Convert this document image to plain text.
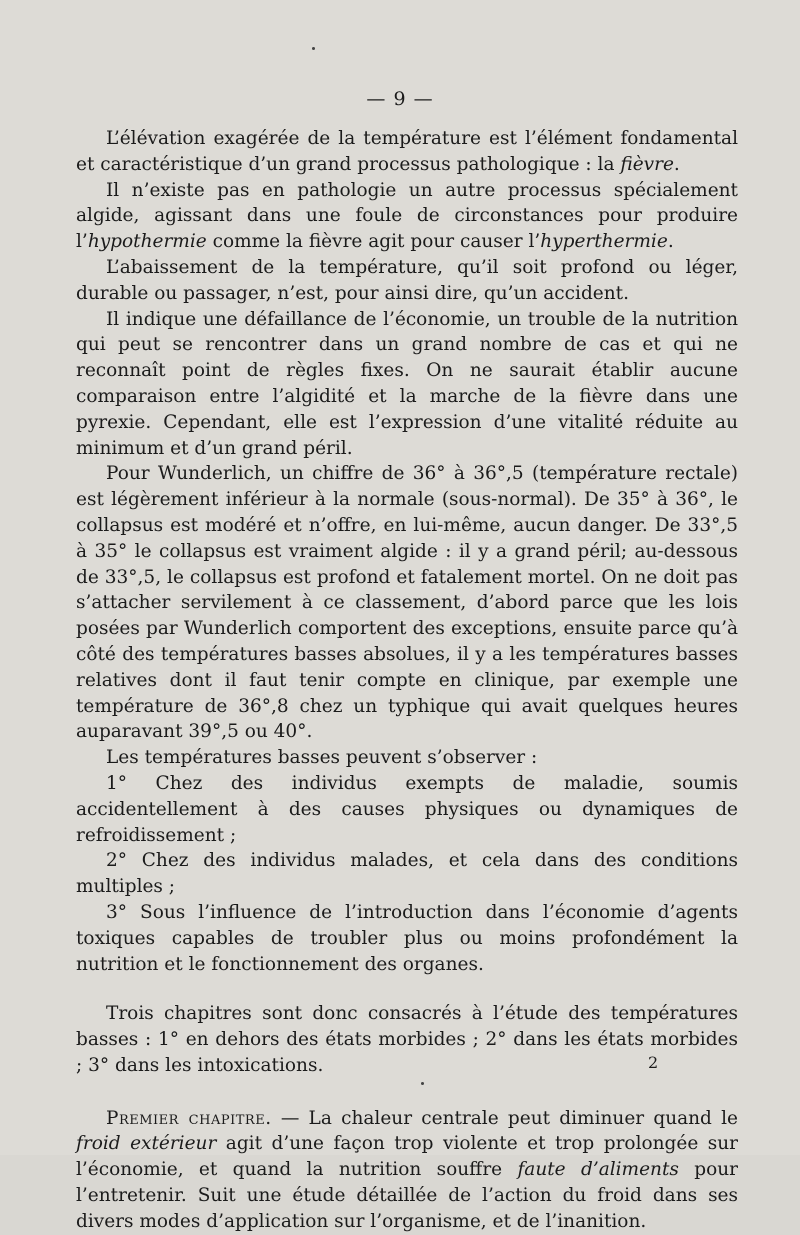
— 9 —

L’élévation exagérée de la température est l’élément fondamental et caractéristique d’un grand processus pathologique : la fièvre.

Il n’existe pas en pathologie un autre processus spécialement algide, agissant dans une foule de circonstances pour produire l’hypothermie comme la fièvre agit pour causer l’hyperthermie.

L’abaissement de la température, qu’il soit profond ou léger, durable ou passager, n’est, pour ainsi dire, qu’un accident.

Il indique une défaillance de l’économie, un trouble de la nutrition qui peut se rencontrer dans un grand nombre de cas et qui ne reconnaît point de règles fixes. On ne saurait établir aucune comparaison entre l’algidité et la marche de la fièvre dans une pyrexie. Cependant, elle est l’expression d’une vitalité réduite au minimum et d’un grand péril.

Pour Wunderlich, un chiffre de 36° à 36°,5 (température rectale) est légèrement inférieur à la normale (sous-normal). De 35° à 36°, le collapsus est modéré et n’offre, en lui-même, aucun danger. De 33°,5 à 35° le collapsus est vraiment algide : il y a grand péril; au-dessous de 33°,5, le collapsus est profond et fatalement mortel. On ne doit pas s’attacher servilement à ce classement, d’abord parce que les lois posées par Wunderlich comportent des exceptions, ensuite parce qu’à côté des températures basses absolues, il y a les températures basses relatives dont il faut tenir compte en clinique, par exemple une température de 36°,8 chez un typhique qui avait quelques heures auparavant 39°,5 ou 40°.

Les températures basses peuvent s’observer :

1° Chez des individus exempts de maladie, soumis accidentellement à des causes physiques ou dynamiques de refroidissement ;

2° Chez des individus malades, et cela dans des conditions multiples ;

3° Sous l’influence de l’introduction dans l’économie d’agents toxiques capables de troubler plus ou moins profondément la nutrition et le fonctionnement des organes.

Trois chapitres sont donc consacrés à l’étude des températures basses : 1° en dehors des états morbides ; 2° dans les états morbides ; 3° dans les intoxications.

Premier chapitre. — La chaleur centrale peut diminuer quand le froid extérieur agit d’une façon trop violente et trop prolongée sur l’économie, et quand la nutrition souffre faute d’aliments pour l’entretenir. Suit une étude détaillée de l’action du froid dans ses divers modes d’application sur l’organisme, et de l’inanition.

2
